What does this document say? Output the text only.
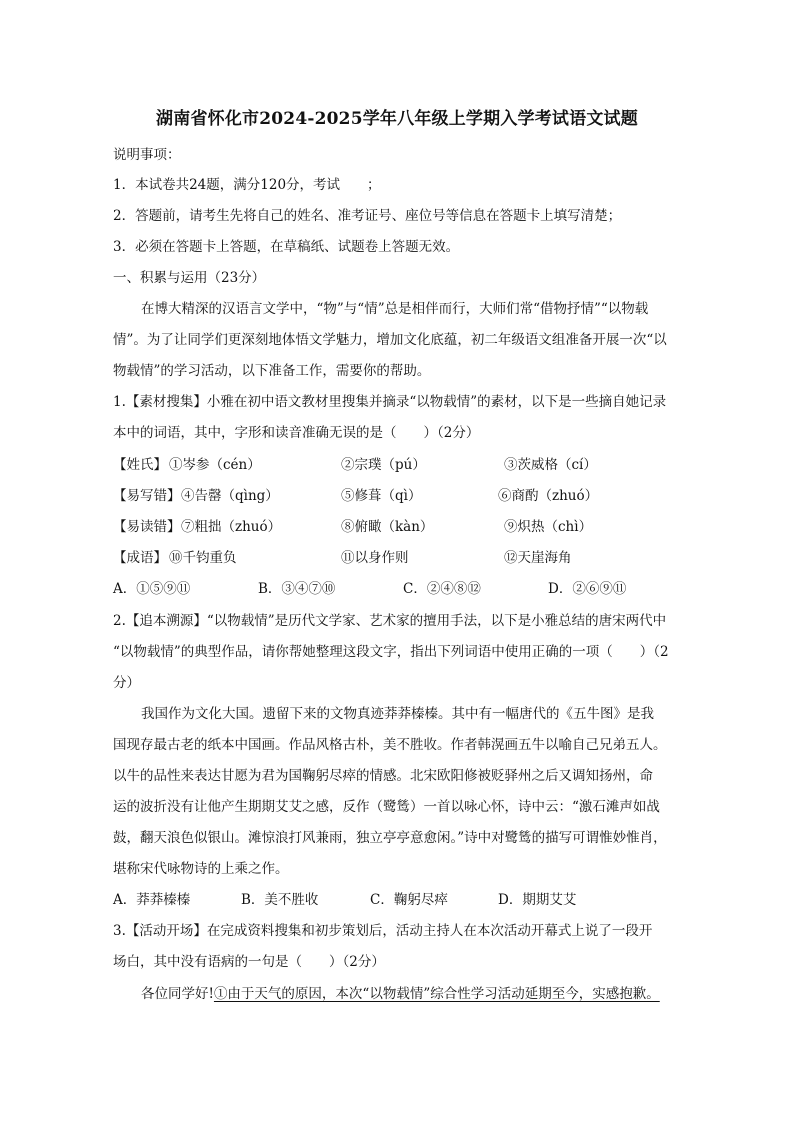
湖南省怀化市2024-2025学年八年级上学期入学考试语文试题
说明事项：
1．本试卷共24题，满分120分，考试　　；
2．答题前，请考生先将自己的姓名、准考证号、座位号等信息在答题卡上填写清楚；
3．必须在答题卡上答题，在草稿纸、试题卷上答题无效。
一、积累与运用（23分）
在博大精深的汉语言文学中，“物”与“情”总是相伴而行，大师们常“借物抒情”“以物载
情”。为了让同学们更深刻地体悟文学魅力，增加文化底蕴，初二年级语文组准备开展一次“以
物载情”的学习活动，以下准备工作，需要你的帮助。
1.【素材搜集】小雅在初中语文教材里搜集并摘录“以物载情”的素材，以下是一些摘自她记录
本中的词语，其中，字形和读音准确无误的是（　　）（2分）
【姓氏】 ①岑参（cén）	②宗璞（pú）	③茨威格（cí）
【易写错】 ④告罄（qìng）	⑤修葺（qì）	⑥商酌（zhuó）
【易读错】 ⑦粗拙（zhuó）	⑧俯瞰（kàn）	⑨炽热（chì）
【成语】 ⑩千钧重负	⑪以身作则	⑫天崖海角
A．①⑤⑨⑪	B．③④⑦⑩	C．②④⑧⑫	D．②⑥⑨⑪
2.【追本溯源】“以物载情”是历代文学家、艺术家的擅用手法，以下是小雅总结的唐宋两代中
“以物载情”的典型作品，请你帮她整理这段文字，指出下列词语中使用正确的一项（　　）（2
分）
我国作为文化大国。遗留下来的文物真迹莽莽榛榛。其中有一幅唐代的《五牛图》是我
国现存最古老的纸本中国画。作品风格古朴，美不胜收。作者韩滉画五牛以喻自己兄弟五人。
以牛的品性来表达甘愿为君为国鞠躬尽瘁的情感。北宋欧阳修被贬驿州之后又调知扬州，命
运的波折没有让他产生期期艾艾之感，反作（鹭鸶）一首以咏心怀，诗中云：“激石滩声如战
鼓，翻天浪色似银山。滩惊浪打风兼雨，独立亭亭意愈闲。”诗中对鹭鸶的描写可谓惟妙惟肖，
堪称宋代咏物诗的上乘之作。
A．莽莽榛榛	B．美不胜收	C．鞠躬尽瘁	D．期期艾艾
3.【活动开场】在完成资料搜集和初步策划后，活动主持人在本次活动开幕式上说了一段开
场白，其中没有语病的一句是（　　）（2分）
各位同学好!①由于天气的原因，本次“以物载情”综合性学习活动延期至今，实感抱歉。
